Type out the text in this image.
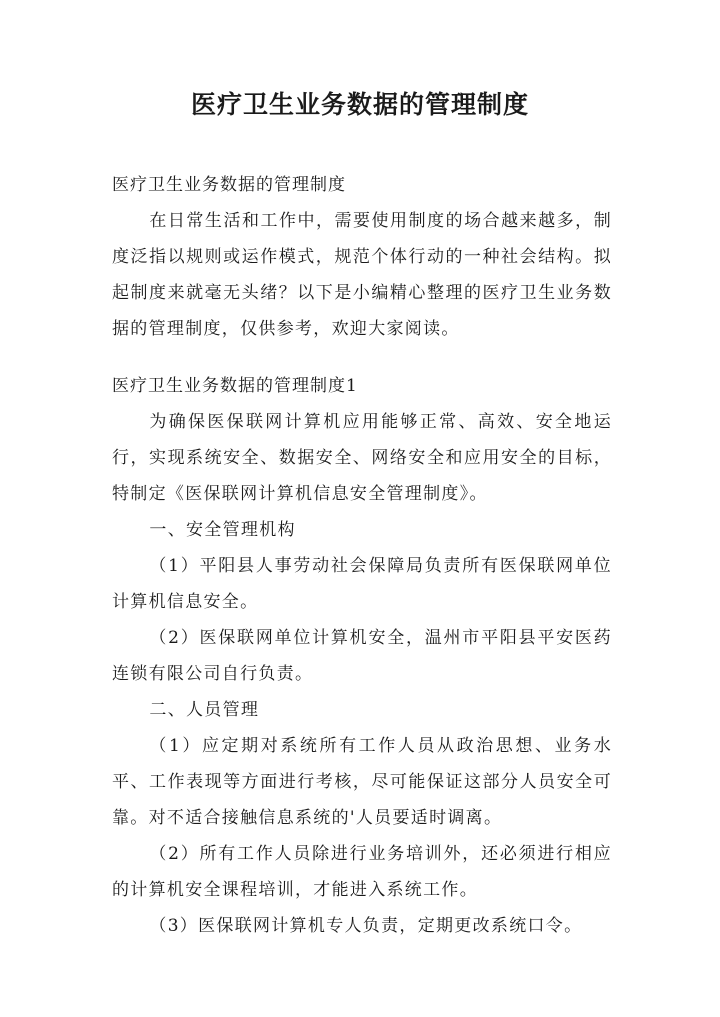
医疗卫生业务数据的管理制度

医疗卫生业务数据的管理制度

在日常生活和工作中，需要使用制度的场合越来越多，制度泛指以规则或运作模式，规范个体行动的一种社会结构。拟起制度来就毫无头绪？以下是小编精心整理的医疗卫生业务数据的管理制度，仅供参考，欢迎大家阅读。

医疗卫生业务数据的管理制度1

为确保医保联网计算机应用能够正常、高效、安全地运行，实现系统安全、数据安全、网络安全和应用安全的目标，特制定《医保联网计算机信息安全管理制度》。

一、安全管理机构

（1）平阳县人事劳动社会保障局负责所有医保联网单位计算机信息安全。

（2）医保联网单位计算机安全，温州市平阳县平安医药连锁有限公司自行负责。

二、人员管理

（1）应定期对系统所有工作人员从政治思想、业务水平、工作表现等方面进行考核，尽可能保证这部分人员安全可靠。对不适合接触信息系统的'人员要适时调离。

（2）所有工作人员除进行业务培训外，还必须进行相应的计算机安全课程培训，才能进入系统工作。

（3）医保联网计算机专人负责，定期更改系统口令。
